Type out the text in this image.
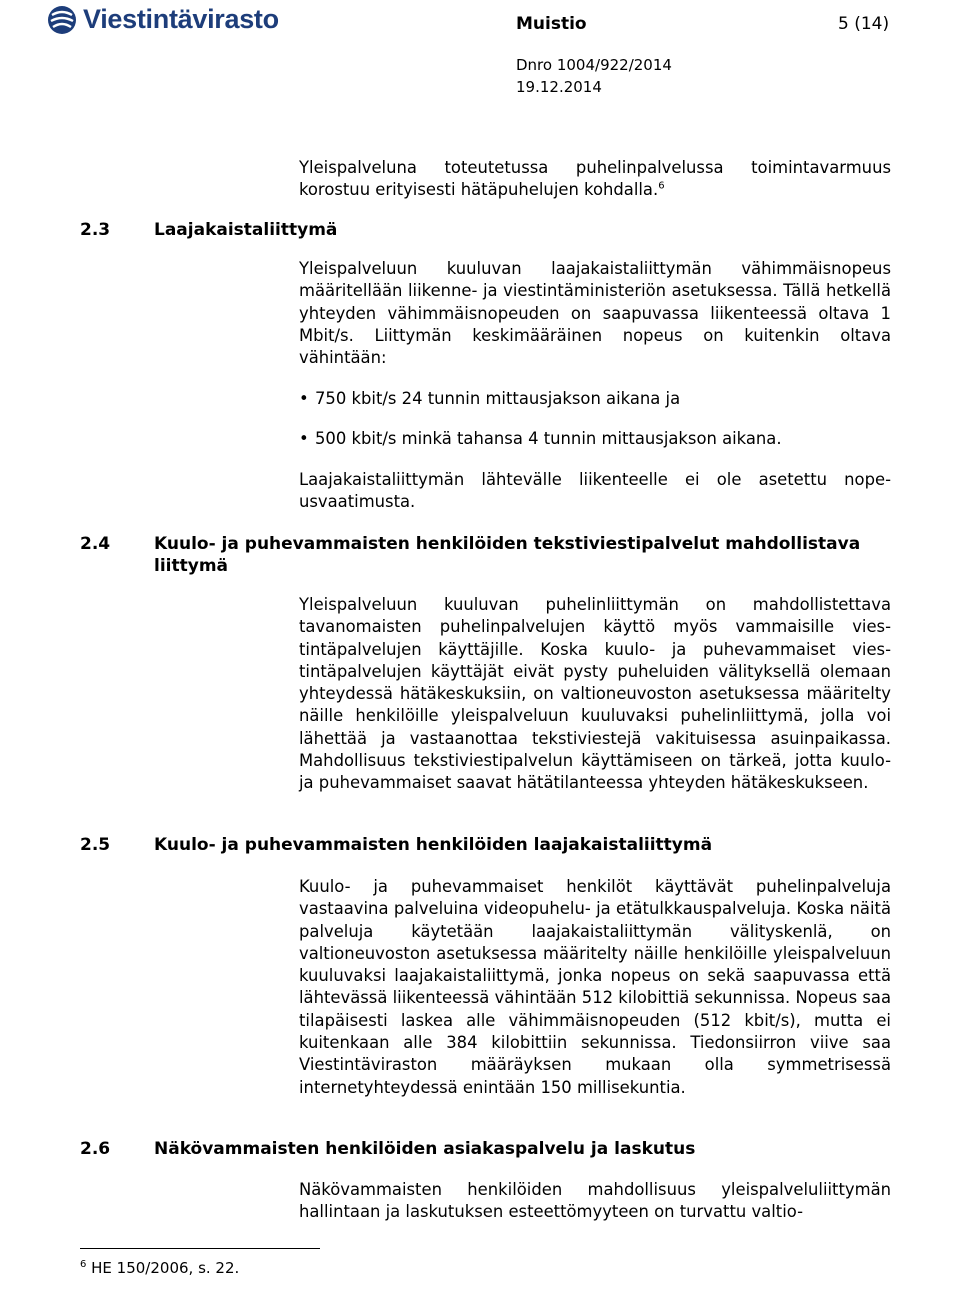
Viestintävirasto	Muistio	5 (14)
Dnro 1004/922/2014
19.12.2014
Yleispalveluna toteutetussa puhelinpalvelussa toimintavarmuus korostuu erityisesti hätäpuhelujen kohdalla.$^6$
2.3	Laajakaistaliittymä
Yleispalveluun kuuluvan laajakaistaliittymän vähimmäisnopeus määritellään liikenne- ja viestintäministeriön asetuksessa. Tällä hetkellä yhteyden vähimmäisnopeuden on saapuvassa liikenteessä oltava 1 Mbit/s. Liittymän keskimääräinen nopeus on kuitenkin oltava vähintään:
• 750 kbit/s 24 tunnin mittausjakson aikana ja
• 500 kbit/s minkä tahansa 4 tunnin mittausjakson aikana.
Laajakaistaliittymän lähtevälle liikenteelle ei ole asetettu nopeusvaatimusta.
2.4	Kuulo- ja puhevammaisten henkilöiden tekstiviestipalvelut mahdollistava liittymä
Yleispalveluun kuuluvan puhelinliittymän on mahdollistettava tavanomaisten puhelinpalvelujen käyttö myös vammaisille viestintäpalvelujen käyttäjille. Koska kuulo- ja puhevammaiset viestintäpalvelujen käyttäjät eivät pysty puheluiden välityksellä olemaan yhteydessä hätäkeskuksiin, on valtioneuvoston asetuksessa määritelty näille henkilöille yleispalveluun kuuluvaksi puhelinliittymä, jolla voi lähettää ja vastaanottaa tekstiviestejä vakituisessa asuinpaikassa. Mahdollisuus tekstiviestipalvelun käyttämiseen on tärkeä, jotta kuulo- ja puhevammaiset saavat hätätilanteessa yhteyden hätäkeskukseen.
2.5	Kuulo- ja puhevammaisten henkilöiden laajakaistaliittymä
Kuulo- ja puhevammaiset henkilöt käyttävät puhelinpalveluja vastaavina palveluina videopuhelu- ja etätulkkauspalveluja. Koska näitä palveluja käytetään laajakaistaliittymän välityskenlä, on valtioneuvoston asetuksessa määritelty näille henkilöille yleispalveluun kuuluvaksi laajakaistaliittymä, jonka nopeus on sekä saapuvassa että lähtevässä liikenteessä vähintään 512 kilobittiä sekunnissa. Nopeus saa tilapäisesti laskea alle vähimmäisnopeuden (512 kbit/s), mutta ei kuitenkaan alle 384 kilobittiin sekunnissa. Tiedonsiirron viive saa Viestintäviraston määräyksen mukaan olla symmetrisessä internetyhteydessä enintään 150 millisekuntia.
2.6	Näkövammaisten henkilöiden asiakaspalvelu ja laskutus
Näkövammaisten henkilöiden mahdollisuus yleispalveluliittymän hallintaan ja laskutuksen esteettömyyteen on turvattu valtio-
$^6$ HE 150/2006, s. 22.
